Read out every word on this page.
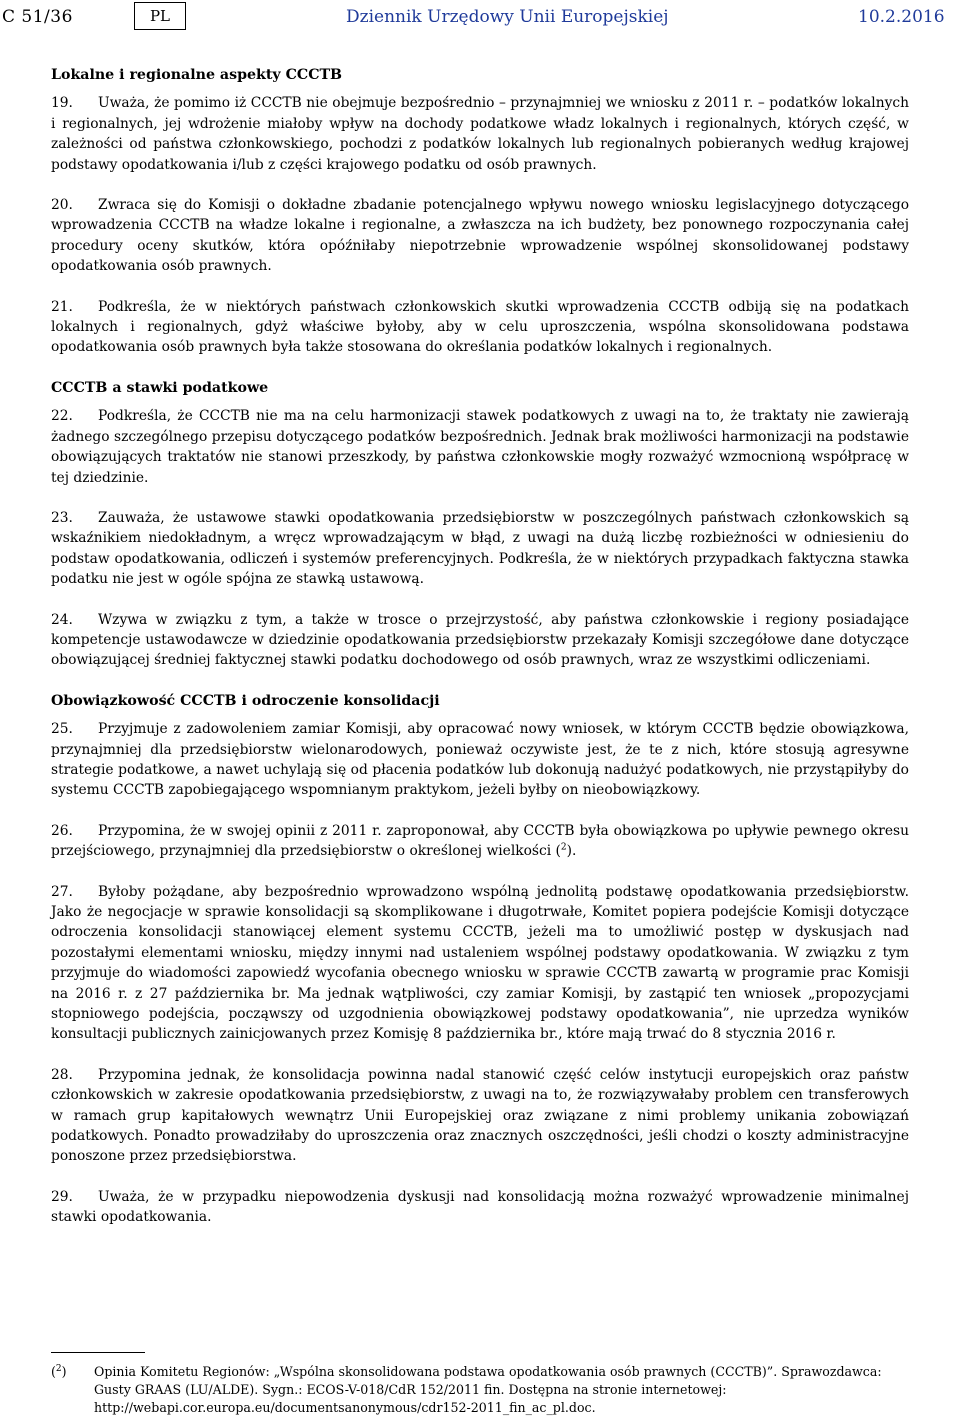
C 51/36	PL	Dziennik Urzędowy Unii Europejskiej	10.2.2016
Lokalne i regionalne aspekty CCCTB

19. Uważa, że pomimo iż CCCTB nie obejmuje bezpośrednio – przynajmniej we wniosku z 2011 r. – podatków lokalnych i regionalnych, jej wdrożenie miałoby wpływ na dochody podatkowe władz lokalnych i regionalnych, których część, w zależności od państwa członkowskiego, pochodzi z podatków lokalnych lub regionalnych pobieranych według krajowej podstawy opodatkowania i/lub z części krajowego podatku od osób prawnych.

20. Zwraca się do Komisji o dokładne zbadanie potencjalnego wpływu nowego wniosku legislacyjnego dotyczącego wprowadzenia CCCTB na władze lokalne i regionalne, a zwłaszcza na ich budżety, bez ponownego rozpoczynania całej procedury oceny skutków, która opóźniłaby niepotrzebnie wprowadzenie wspólnej skonsolidowanej podstawy opodatkowania osób prawnych.

21. Podkreśla, że w niektórych państwach członkowskich skutki wprowadzenia CCCTB odbiją się na podatkach lokalnych i regionalnych, gdyż właściwe byłoby, aby w celu uproszczenia, wspólna skonsolidowana podstawa opodatkowania osób prawnych była także stosowana do określania podatków lokalnych i regionalnych.

CCCTB a stawki podatkowe

22. Podkreśla, że CCCTB nie ma na celu harmonizacji stawek podatkowych z uwagi na to, że traktaty nie zawierają żadnego szczególnego przepisu dotyczącego podatków bezpośrednich. Jednak brak możliwości harmonizacji na podstawie obowiązujących traktatów nie stanowi przeszkody, by państwa członkowskie mogły rozważyć wzmocnioną współpracę w tej dziedzinie.

23. Zauważa, że ustawowe stawki opodatkowania przedsiębiorstw w poszczególnych państwach członkowskich są wskaźnikiem niedokładnym, a wręcz wprowadzającym w błąd, z uwagi na dużą liczbę rozbieżności w odniesieniu do podstaw opodatkowania, odliczeń i systemów preferencyjnych. Podkreśla, że w niektórych przypadkach faktyczna stawka podatku nie jest w ogóle spójna ze stawką ustawową.

24. Wzywa w związku z tym, a także w trosce o przejrzystość, aby państwa członkowskie i regiony posiadające kompetencje ustawodawcze w dziedzinie opodatkowania przedsiębiorstw przekazały Komisji szczegółowe dane dotyczące obowiązującej średniej faktycznej stawki podatku dochodowego od osób prawnych, wraz ze wszystkimi odliczeniami.

Obowiązkowość CCCTB i odroczenie konsolidacji

25. Przyjmuje z zadowoleniem zamiar Komisji, aby opracować nowy wniosek, w którym CCCTB będzie obowiązkowa, przynajmniej dla przedsiębiorstw wielonarodowych, ponieważ oczywiste jest, że te z nich, które stosują agresywne strategie podatkowe, a nawet uchylają się od płacenia podatków lub dokonują nadużyć podatkowych, nie przystąpiłyby do systemu CCCTB zapobiegającego wspomnianym praktykom, jeżeli byłby on nieobowiązkowy.

26. Przypomina, że w swojej opinii z 2011 r. zaproponował, aby CCCTB była obowiązkowa po upływie pewnego okresu przejściowego, przynajmniej dla przedsiębiorstw o określonej wielkości ($^2$).

27. Byłoby pożądane, aby bezpośrednio wprowadzono wspólną jednolitą podstawę opodatkowania przedsiębiorstw. Jako że negocjacje w sprawie konsolidacji są skomplikowane i długotrwałe, Komitet popiera podejście Komisji dotyczące odroczenia konsolidacji stanowiącej element systemu CCCTB, jeżeli ma to umożliwić postęp w dyskusjach nad pozostałymi elementami wniosku, między innymi nad ustaleniem wspólnej podstawy opodatkowania. W związku z tym przyjmuje do wiadomości zapowiedź wycofania obecnego wniosku w sprawie CCCTB zawartą w programie prac Komisji na 2016 r. z 27 października br. Ma jednak wątpliwości, czy zamiar Komisji, by zastąpić ten wniosek „propozycjami stopniowego podejścia, począwszy od uzgodnienia obowiązkowej podstawy opodatkowania”, nie uprzedza wyników konsultacji publicznych zainicjowanych przez Komisję 8 października br., które mają trwać do 8 stycznia 2016 r.

28. Przypomina jednak, że konsolidacja powinna nadal stanowić część celów instytucji europejskich oraz państw członkowskich w zakresie opodatkowania przedsiębiorstw, z uwagi na to, że rozwiązywałaby problem cen transferowych w ramach grup kapitałowych wewnątrz Unii Europejskiej oraz związane z nimi problemy unikania zobowiązań podatkowych. Ponadto prowadziłaby do uproszczenia oraz znacznych oszczędności, jeśli chodzi o koszty administracyjne ponoszone przez przedsiębiorstwa.

29. Uważa, że w przypadku niepowodzenia dyskusji nad konsolidacją można rozważyć wprowadzenie minimalnej stawki opodatkowania.

($^2$) Opinia Komitetu Regionów: „Wspólna skonsolidowana podstawa opodatkowania osób prawnych (CCCTB)”. Sprawozdawca: Gusty GRAAS (LU/ALDE). Sygn.: ECOS-V-018/CdR 152/2011 fin. Dostępna na stronie internetowej: http://webapi.cor.europa.eu/documentsanonymous/cdr152-2011_fin_ac_pl.doc.
